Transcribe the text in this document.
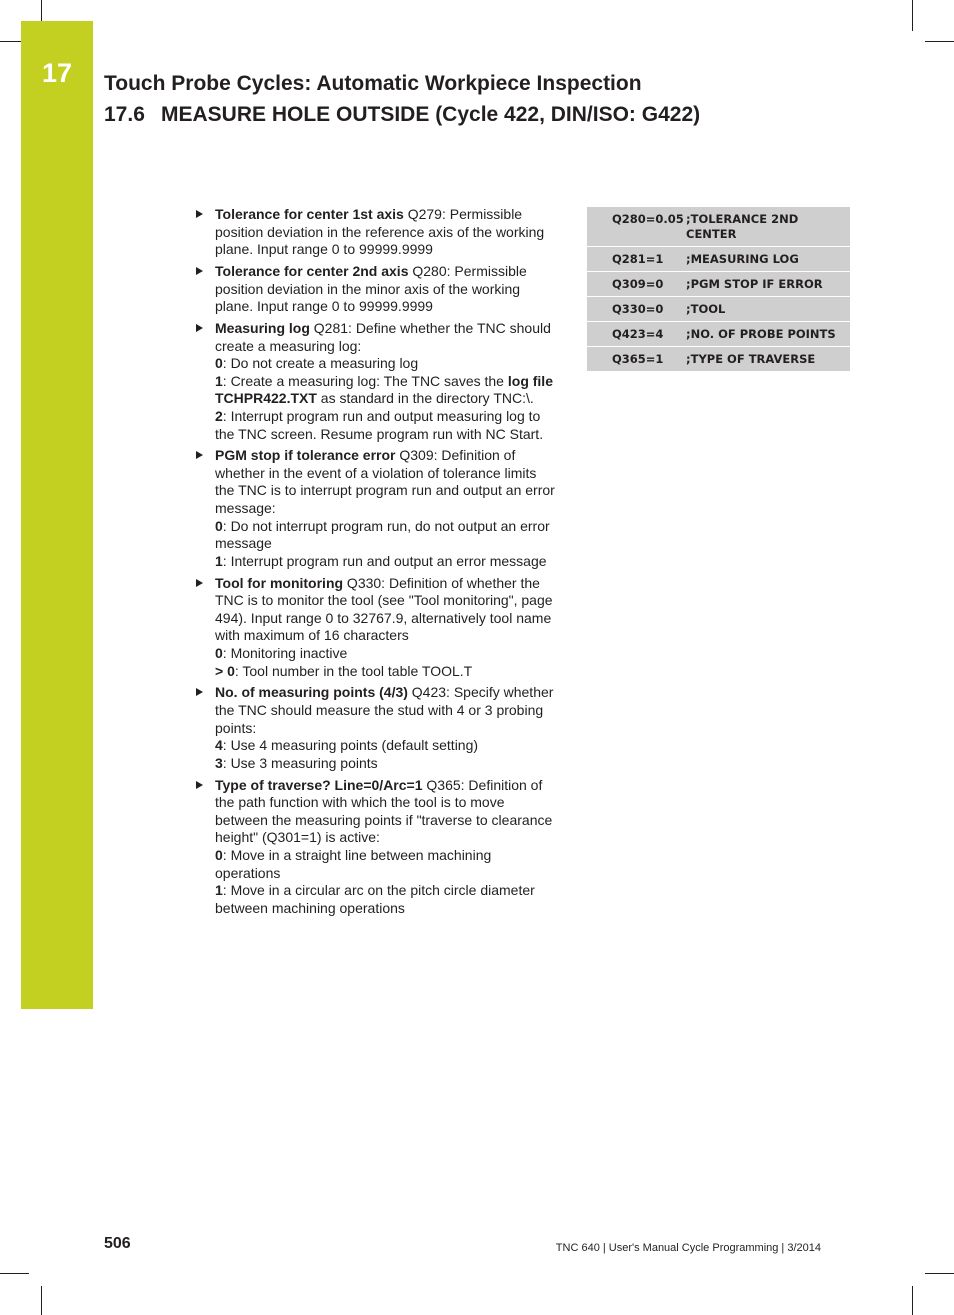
17	Touch Probe Cycles: Automatic Workpiece Inspection
17.6 MEASURE HOLE OUTSIDE (Cycle 422, DIN/ISO: G422)
Tolerance for center 1st axis Q279: Permissible position deviation in the reference axis of the working plane. Input range 0 to 99999.9999
Tolerance for center 2nd axis Q280: Permissible position deviation in the minor axis of the working plane. Input range 0 to 99999.9999
Measuring log Q281: Define whether the TNC should create a measuring log:
0: Do not create a measuring log
1: Create a measuring log: The TNC saves the log file TCHPR422.TXT as standard in the directory TNC:\.
2: Interrupt program run and output measuring log to the TNC screen. Resume program run with NC Start.
PGM stop if tolerance error Q309: Definition of whether in the event of a violation of tolerance limits the TNC is to interrupt program run and output an error message:
0: Do not interrupt program run, do not output an error message
1: Interrupt program run and output an error message
Tool for monitoring Q330: Definition of whether the TNC is to monitor the tool (see "Tool monitoring", page 494). Input range 0 to 32767.9, alternatively tool name with maximum of 16 characters
0: Monitoring inactive
> 0: Tool number in the tool table TOOL.T
No. of measuring points (4/3) Q423: Specify whether the TNC should measure the stud with 4 or 3 probing points:
4: Use 4 measuring points (default setting)
3: Use 3 measuring points
Type of traverse? Line=0/Arc=1 Q365: Definition of the path function with which the tool is to move between the measuring points if "traverse to clearance height" (Q301=1) is active:
0: Move in a straight line between machining operations
1: Move in a circular arc on the pitch circle diameter between machining operations
Q280=0.05 ;TOLERANCE 2ND CENTER
Q281=1	;MEASURING LOG
Q309=0	;PGM STOP IF ERROR
Q330=0	;TOOL
Q423=4	;NO. OF PROBE POINTS
Q365=1	;TYPE OF TRAVERSE
506	TNC 640 | User's Manual Cycle Programming | 3/2014
